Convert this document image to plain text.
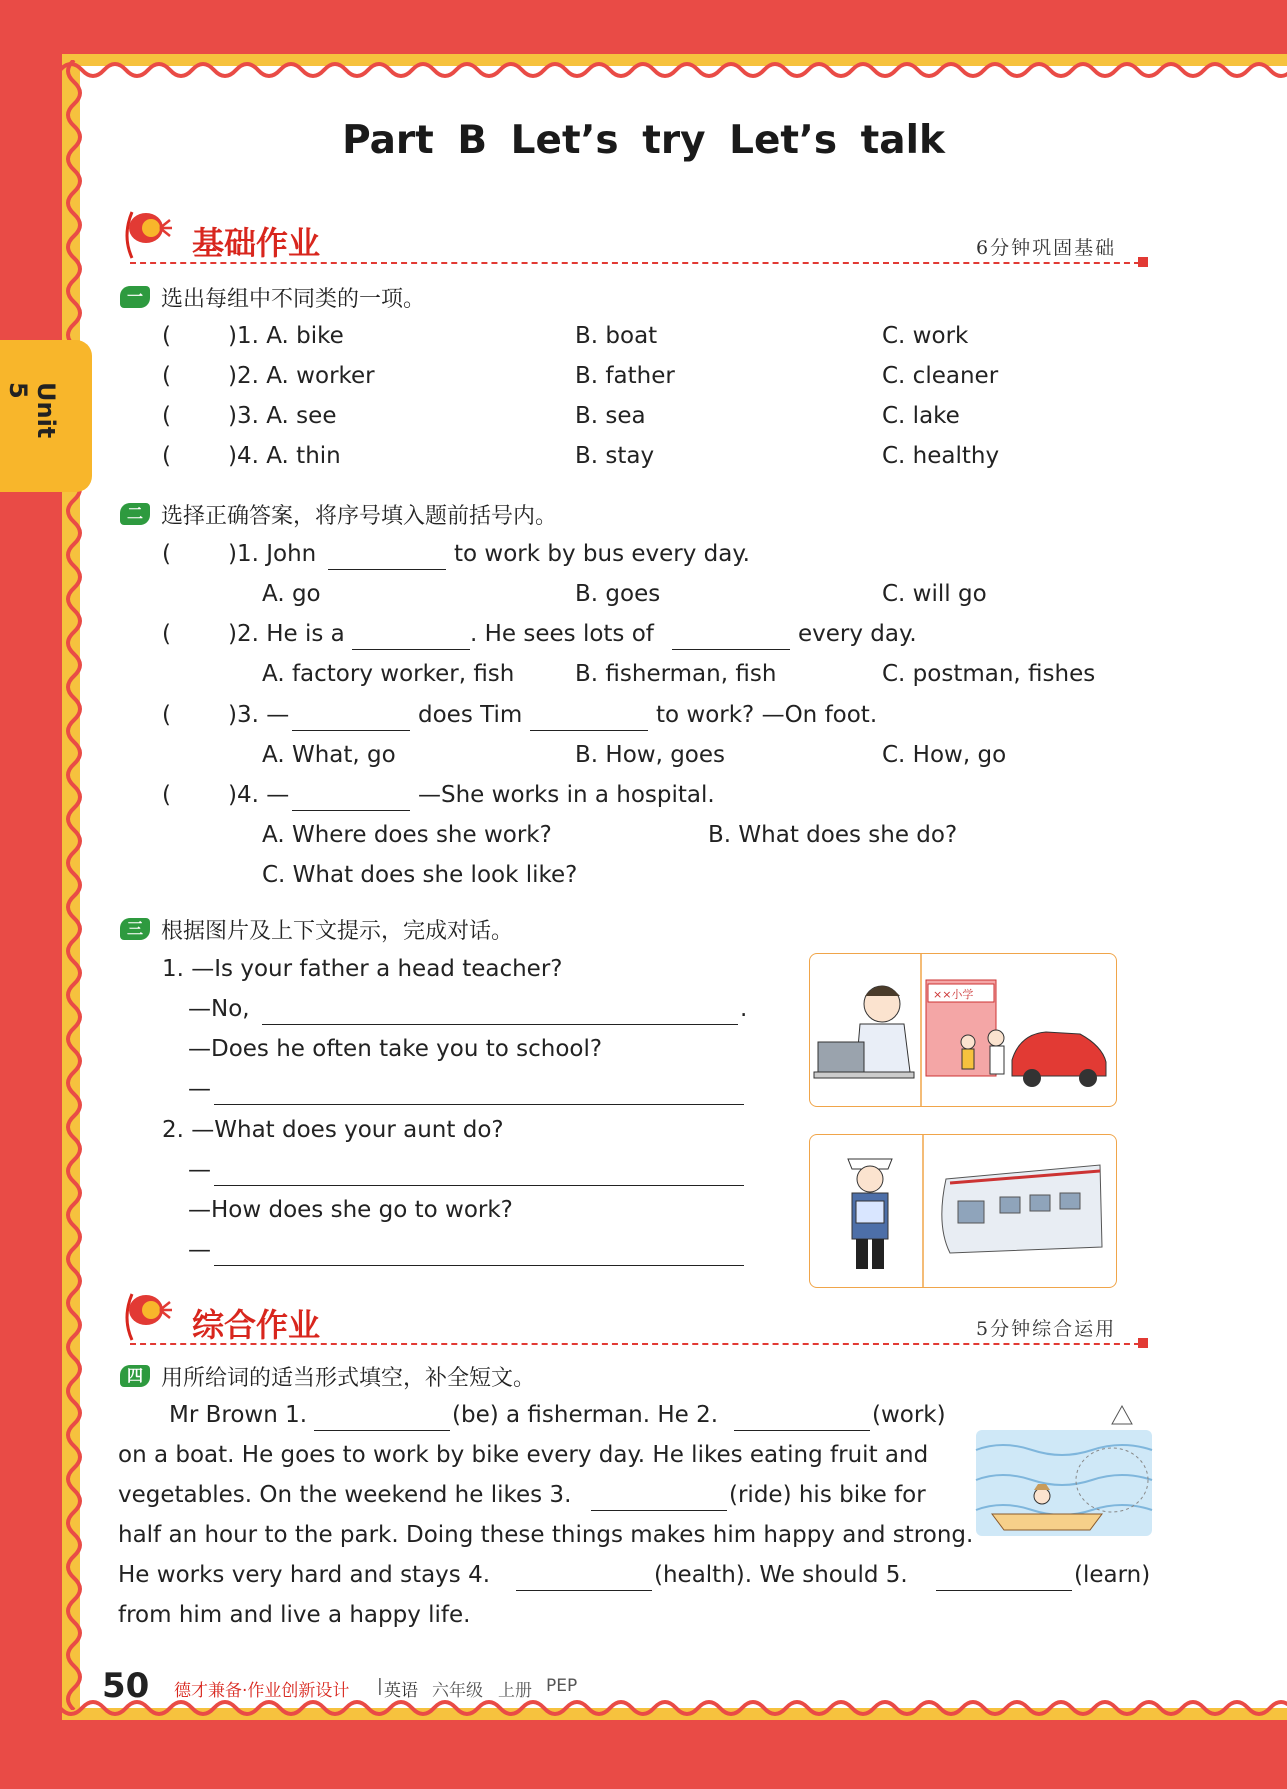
Unit 5
Part B Let’s try Let’s talk
基础作业	6分钟巩固基础
一 选出每组中不同类的一项。
( )1. A. bike	B. boat	C. work
( )2. A. worker	B. father	C. cleaner
( )3. A. see	B. sea	C. lake
( )4. A. thin	B. stay	C. healthy
二 选择正确答案，将序号填入题前括号内。
( )1. John	to work by bus every day.
A. go	B. goes	C. will go
( )2. He is a	. He sees lots of	every day.
A. factory worker, fish	B. fisherman, fish	C. postman, fishes
( )3. —	does Tim	to work? —On foot.
A. What, go	B. How, goes	C. How, go
( )4. —	—She works in a hospital.
A. Where does she work?	B. What does she do?
C. What does she look like?
三 根据图片及上下文提示，完成对话。
1. —Is your father a head teacher?
—No,	.
—Does he often take you to school?
—
2. —What does your aunt do?
—
—How does she go to work?
—
××小学
综合作业	5分钟综合运用
四 用所给词的适当形式填空，补全短文。
Mr Brown 1.	(be) a fisherman. He 2.	(work)
on a boat. He goes to work by bike every day. He likes eating fruit and
vegetables. On the weekend he likes 3.	(ride) his bike for
half an hour to the park. Doing these things makes him happy and strong.
He works very hard and stays 4.	(health). We should 5.	(learn)
from him and live a happy life.
50 德才兼备·作业创新设计 | 英语 六年级 上册 PEP
